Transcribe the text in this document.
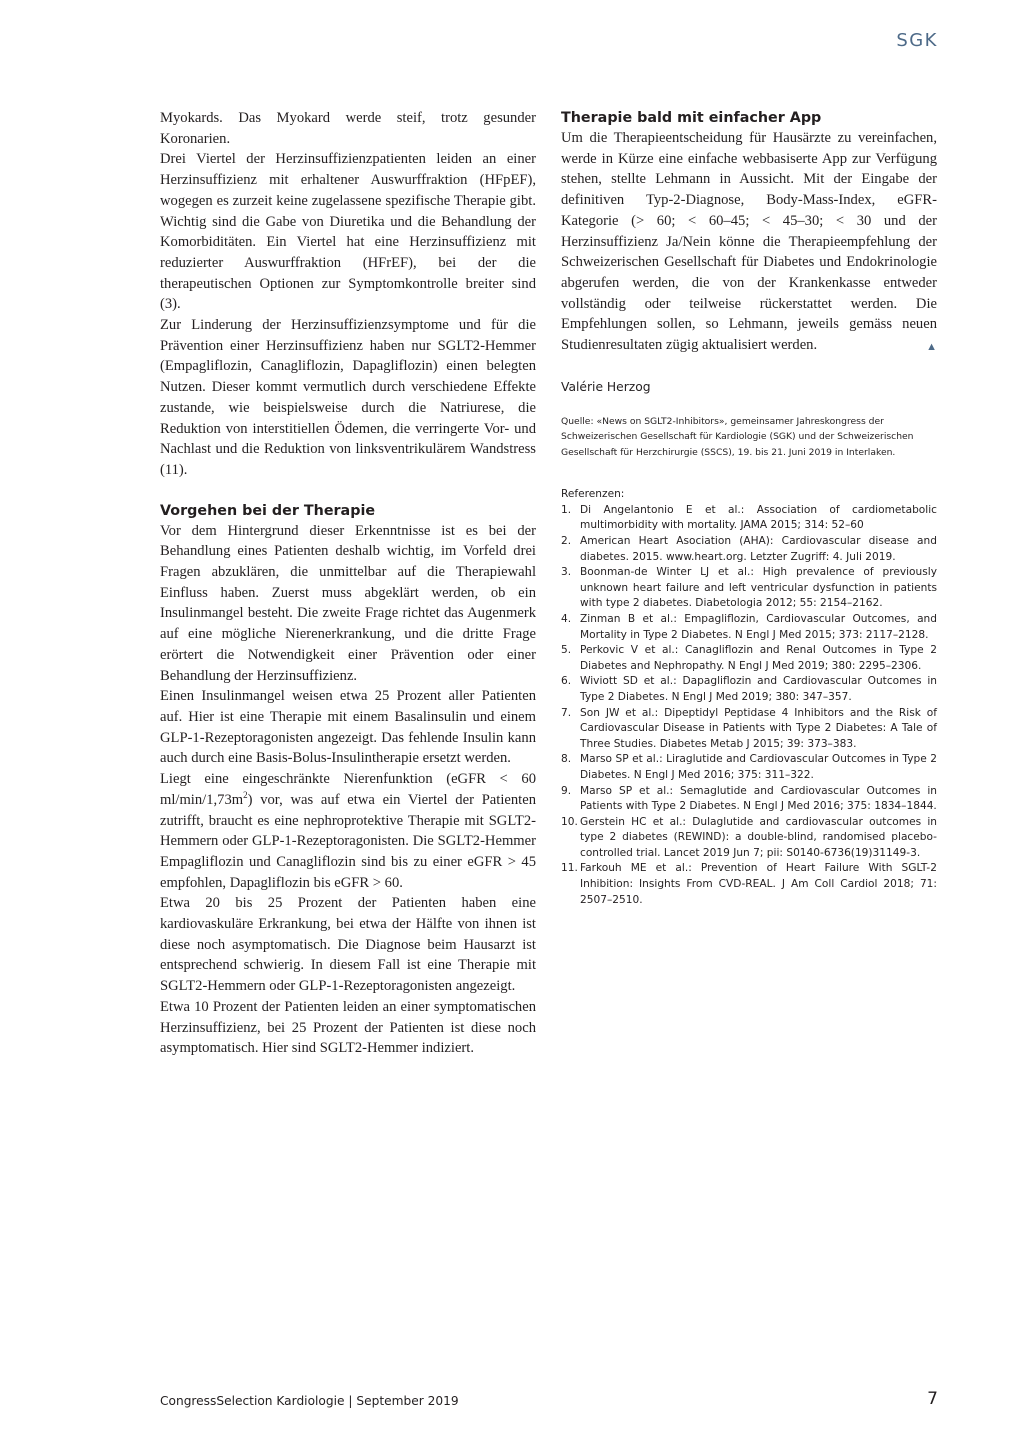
SGK

Myokards. Das Myokard werde steif, trotz gesunder Koronarien.

Drei Viertel der Herzinsuffizienzpatienten leiden an einer Herzinsuffizienz mit erhaltener Auswurffraktion (HFpEF), wogegen es zurzeit keine zugelassene spezifische Therapie gibt. Wichtig sind die Gabe von Diuretika und die Behandlung der Komorbiditäten. Ein Viertel hat eine Herzinsuffizienz mit reduzierter Auswurffraktion (HFrEF), bei der die therapeutischen Optionen zur Symptomkontrolle breiter sind (3).

Zur Linderung der Herzinsuffizienzsymptome und für die Prävention einer Herzinsuffizienz haben nur SGLT2-Hemmer (Empagliflozin, Canagliflozin, Dapagliflozin) einen belegten Nutzen. Dieser kommt vermutlich durch verschiedene Effekte zustande, wie beispielsweise durch die Natriurese, die Reduktion von interstitiellen Ödemen, die verringerte Vor- und Nachlast und die Reduktion von linksventrikulärem Wandstress (11).

Vorgehen bei der Therapie

Vor dem Hintergrund dieser Erkenntnisse ist es bei der Behandlung eines Patienten deshalb wichtig, im Vorfeld drei Fragen abzuklären, die unmittelbar auf die Therapiewahl Einfluss haben. Zuerst muss abgeklärt werden, ob ein Insulinmangel besteht. Die zweite Frage richtet das Augenmerk auf eine mögliche Nierenerkrankung, und die dritte Frage erörtert die Notwendigkeit einer Prävention oder einer Behandlung der Herzinsuffizienz.

Einen Insulinmangel weisen etwa 25 Prozent aller Patienten auf. Hier ist eine Therapie mit einem Basalinsulin und einem GLP-1-Rezeptoragonisten angezeigt. Das fehlende Insulin kann auch durch eine Basis-Bolus-Insulintherapie ersetzt werden.

Liegt eine eingeschränkte Nierenfunktion (eGFR < 60 $ml/\min/1,73m^2$) vor, was auf etwa ein Viertel der Patienten zutrifft, braucht es eine nephroprotektive Therapie mit SGLT2-Hemmern oder GLP-1-Rezeptoragonisten. Die SGLT2-Hemmer Empagliflozin und Canagliflozin sind bis zu einer eGFR > 45 empfohlen, Dapagliflozin bis eGFR > 60.

Etwa 20 bis 25 Prozent der Patienten haben eine kardiovaskuläre Erkrankung, bei etwa der Hälfte von ihnen ist diese noch asymptomatisch. Die Diagnose beim Hausarzt ist entsprechend schwierig. In diesem Fall ist eine Therapie mit SGLT2-Hemmern oder GLP-1-Rezeptoragonisten angezeigt.

Etwa 10 Prozent der Patienten leiden an einer symptomatischen Herzinsuffizienz, bei 25 Prozent der Patienten ist diese noch asymptomatisch. Hier sind SGLT2-Hemmer indiziert.

Therapie bald mit einfacher App

Um die Therapieentscheidung für Hausärzte zu vereinfachen, werde in Kürze eine einfache webbasiserte App zur Verfügung stehen, stellte Lehmann in Aussicht. Mit der Eingabe der definitiven Typ-2-Diagnose, Body-Mass-Index, eGFR-Kategorie (> 60; < 60–45; < 45–30; < 30 und der Herzinsuffizienz Ja/Nein könne die Therapieempfehlung der Schweizerischen Gesellschaft für Diabetes und Endokrinologie abgerufen werden, die von der Krankenkasse entweder vollständig oder teilweise rückerstattet werden. Die Empfehlungen sollen, so Lehmann, jeweils gemäss neuen Studienresultaten zügig aktualisiert werden.	▲

Valérie Herzog
Quelle: «News on SGLT2-Inhibitors», gemeinsamer Jahreskongress der Schweizerischen Gesellschaft für Kardiologie (SGK) und der Schweizerischen Gesellschaft für Herzchirurgie (SSCS), 19. bis 21. Juni 2019 in Interlaken.
Referenzen:
1. Di Angelantonio E et al.: Association of cardiometabolic multimorbidity with mortality. JAMA 2015; 314: 52–60
2. American Heart Asociation (AHA): Cardiovascular disease and diabetes. 2015. www.heart.org. Letzter Zugriff: 4. Juli 2019.
3. Boonman-de Winter LJ et al.: High prevalence of previously unknown heart failure and left ventricular dysfunction in patients with type 2 diabetes. Diabetologia 2012; 55: 2154–2162.
4. Zinman B et al.: Empagliflozin, Cardiovascular Outcomes, and Mortality in Type 2 Diabetes. N Engl J Med 2015; 373: 2117–2128.
5. Perkovic V et al.: Canagliflozin and Renal Outcomes in Type 2 Diabetes and Nephropathy. N Engl J Med 2019; 380: 2295–2306.
6. Wiviott SD et al.: Dapagliflozin and Cardiovascular Outcomes in Type 2 Diabetes. N Engl J Med 2019; 380: 347–357.
7. Son JW et al.: Dipeptidyl Peptidase 4 Inhibitors and the Risk of Cardiovascular Disease in Patients with Type 2 Diabetes: A Tale of Three Studies. Diabetes Metab J 2015; 39: 373–383.
8. Marso SP et al.: Liraglutide and Cardiovascular Outcomes in Type 2 Diabetes. N Engl J Med 2016; 375: 311–322.
9. Marso SP et al.: Semaglutide and Cardiovascular Outcomes in Patients with Type 2 Diabetes. N Engl J Med 2016; 375: 1834–1844.
10. Gerstein HC et al.: Dulaglutide and cardiovascular outcomes in type 2 diabetes (REWIND): a double-blind, randomised placebo-controlled trial. Lancet 2019 Jun 7; pii: S0140-6736(19)31149-3.
11. Farkouh ME et al.: Prevention of Heart Failure With SGLT-2 Inhibition: Insights From CVD-REAL. J Am Coll Cardiol 2018; 71: 2507–2510.
CongressSelection Kardiologie | September 2019	7
